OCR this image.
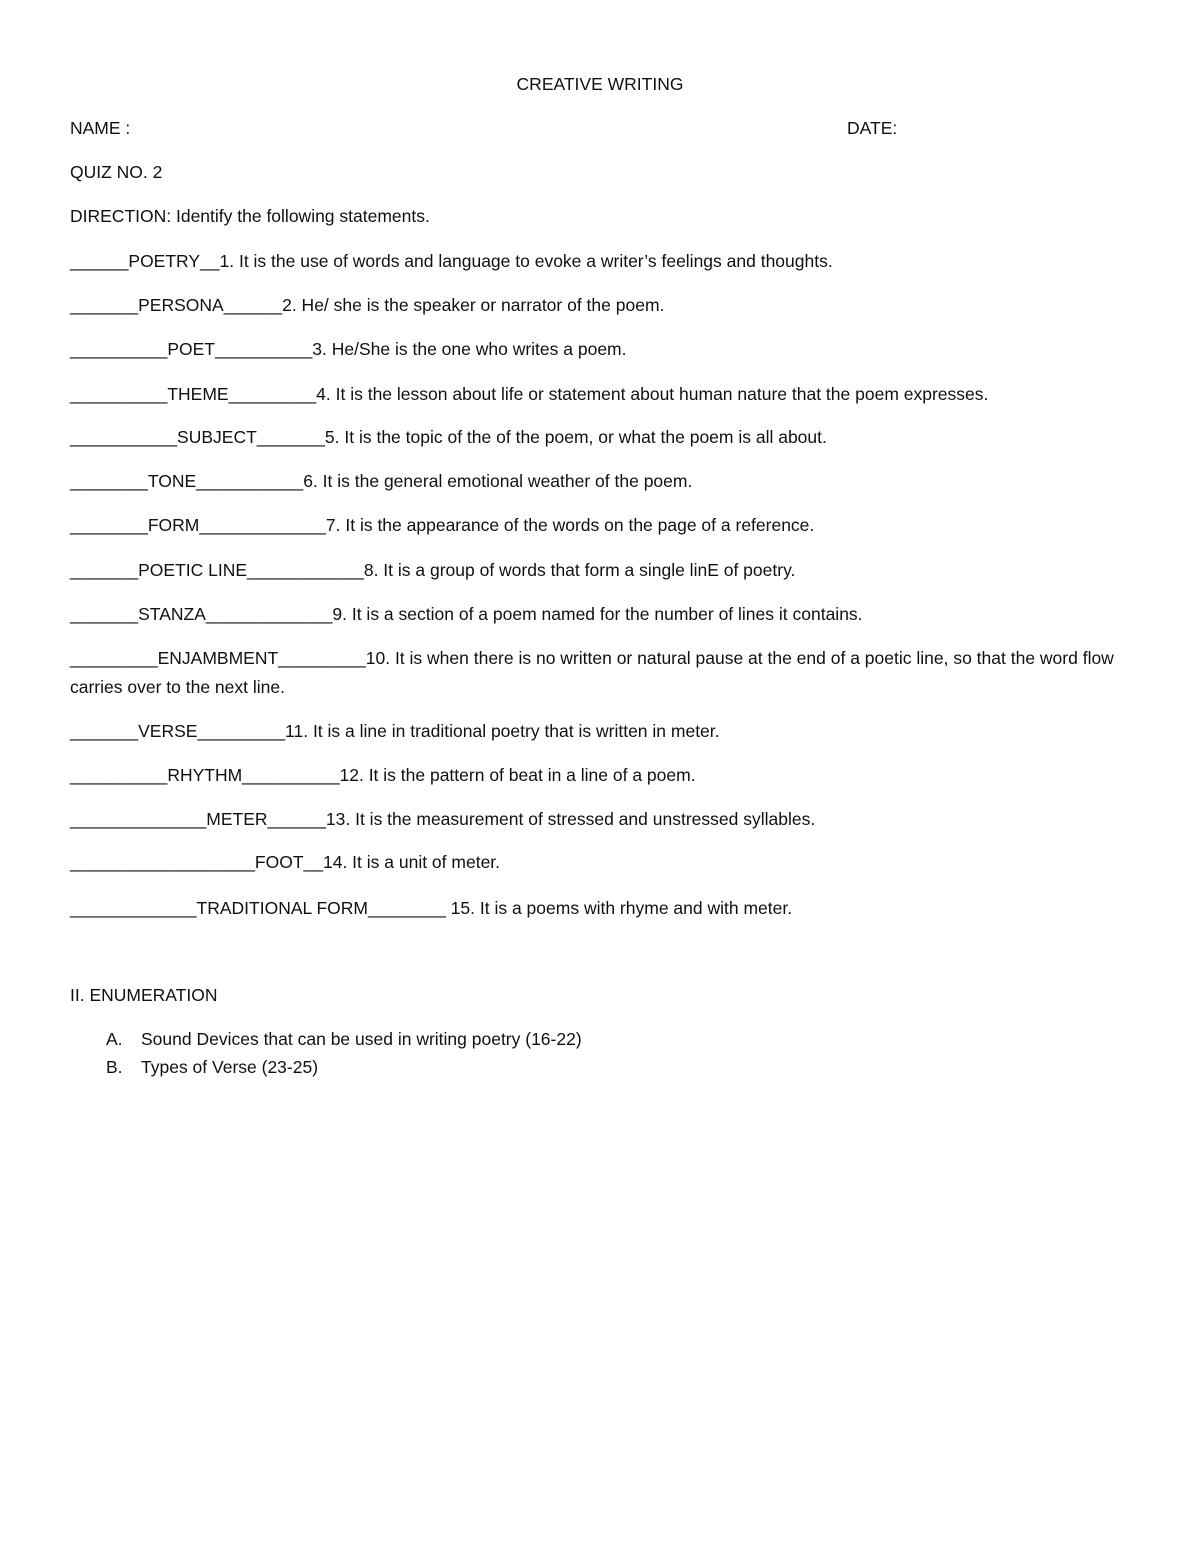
CREATIVE WRITING
NAME :	DATE:
QUIZ NO. 2
DIRECTION: Identify the following statements.
______POETRY__1. It is the use of words and language to evoke a writer’s feelings and thoughts.
_______PERSONA______2. He/ she is the speaker or narrator of the poem.
__________POET__________3. He/She is the one who writes a poem.
__________THEME_________4. It is the lesson about life or statement about human nature that the poem expresses.
___________SUBJECT_______5. It is the topic of the of the poem, or what the poem is all about.
________TONE___________6. It is the general emotional weather of the poem.
________FORM_____________7. It is the appearance of the words on the page of a reference.
_______POETIC LINE____________8. It is a group of words that form a single linE of poetry.
_______STANZA_____________9. It is a section of a poem named for the number of lines it contains.
_________ENJAMBMENT_________10. It is when there is no written or natural pause at the end of a poetic line, so that the word flow carries over to the next line.
_______VERSE_________11. It is a line in traditional poetry that is written in meter.
__________RHYTHM__________12. It is the pattern of beat in a line of a poem.
______________METER______13. It is the measurement of stressed and unstressed syllables.
___________________FOOT__14. It is a unit of meter.
_____________TRADITIONAL FORM________ 15. It is a poems with rhyme and with meter.
II. ENUMERATION
A. Sound Devices that can be used in writing poetry (16-22)
B. Types of Verse (23-25)
